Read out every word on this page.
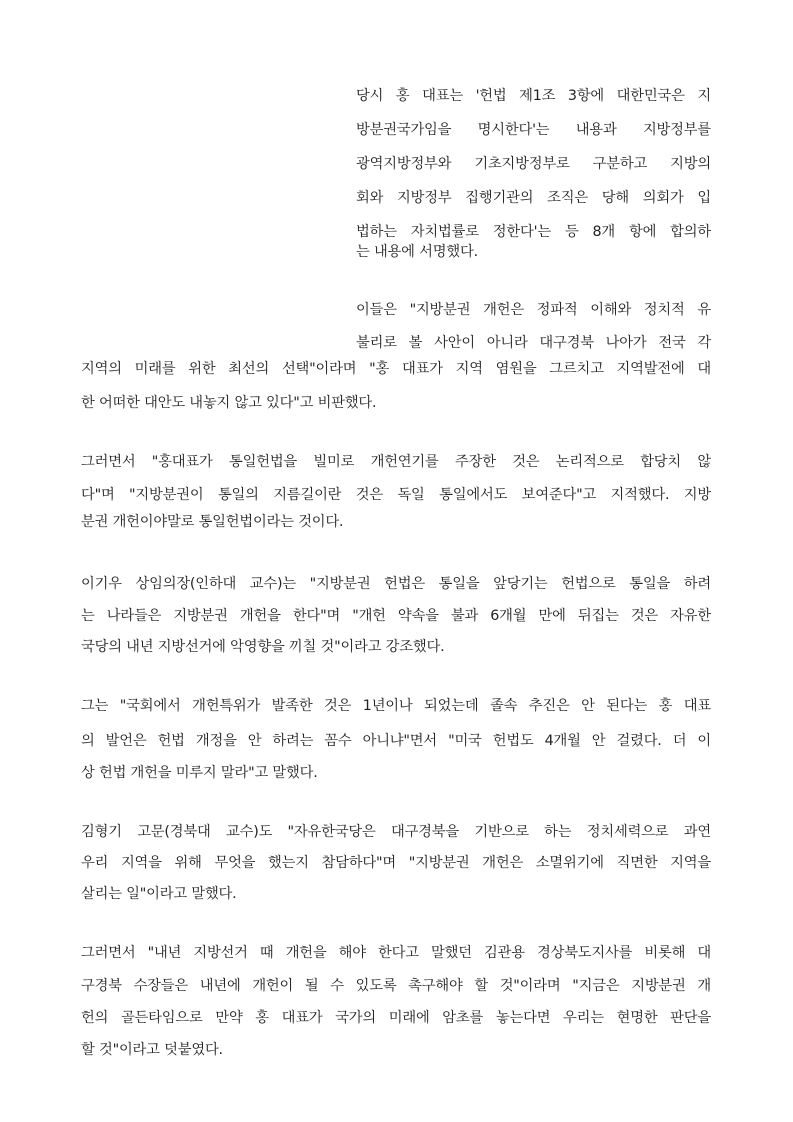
당시 홍 대표는 '헌법 제1조 3항에 대한민국은 지
방분권국가임을 명시한다'는 내용과 지방정부를
광역지방정부와 기초지방정부로 구분하고 지방의
회와 지방정부 집행기관의 조직은 당해 의회가 입
법하는 자치법률로 정한다'는 등 8개 항에 합의하
는 내용에 서명했다.
이들은 "지방분권 개헌은 정파적 이해와 정치적 유
불리로 볼 사안이 아니라 대구경북 나아가 전국 각
지역의 미래를 위한 최선의 선택"이라며 "홍 대표가 지역 염원을 그르치고 지역발전에 대
한 어떠한 대안도 내놓지 않고 있다"고 비판했다.
그러면서 "홍대표가 통일헌법을 빌미로 개헌연기를 주장한 것은 논리적으로 합당치 않
다"며 "지방분권이 통일의 지름길이란 것은 독일 통일에서도 보여준다"고 지적했다. 지방
분권 개헌이야말로 통일헌법이라는 것이다.
이기우 상임의장(인하대 교수)는 "지방분권 헌법은 통일을 앞당기는 헌법으로 통일을 하려
는 나라들은 지방분권 개헌을 한다"며 "개헌 약속을 불과 6개월 만에 뒤집는 것은 자유한
국당의 내년 지방선거에 악영향을 끼칠 것"이라고 강조했다.
그는 "국회에서 개헌특위가 발족한 것은 1년이나 되었는데 졸속 추진은 안 된다는 홍 대표
의 발언은 헌법 개정을 안 하려는 꼼수 아니냐"면서 "미국 헌법도 4개월 안 걸렸다. 더 이
상 헌법 개헌을 미루지 말라"고 말했다.
김형기 고문(경북대 교수)도 "자유한국당은 대구경북을 기반으로 하는 정치세력으로 과연
우리 지역을 위해 무엇을 했는지 참담하다"며 "지방분권 개헌은 소멸위기에 직면한 지역을
살리는 일"이라고 말했다.
그러면서 "내년 지방선거 때 개헌을 해야 한다고 말했던 김관용 경상북도지사를 비롯해 대
구경북 수장들은 내년에 개헌이 될 수 있도록 촉구해야 할 것"이라며 "지금은 지방분권 개
헌의 골든타임으로 만약 홍 대표가 국가의 미래에 암초를 놓는다면 우리는 현명한 판단을
할 것"이라고 덧붙였다.
